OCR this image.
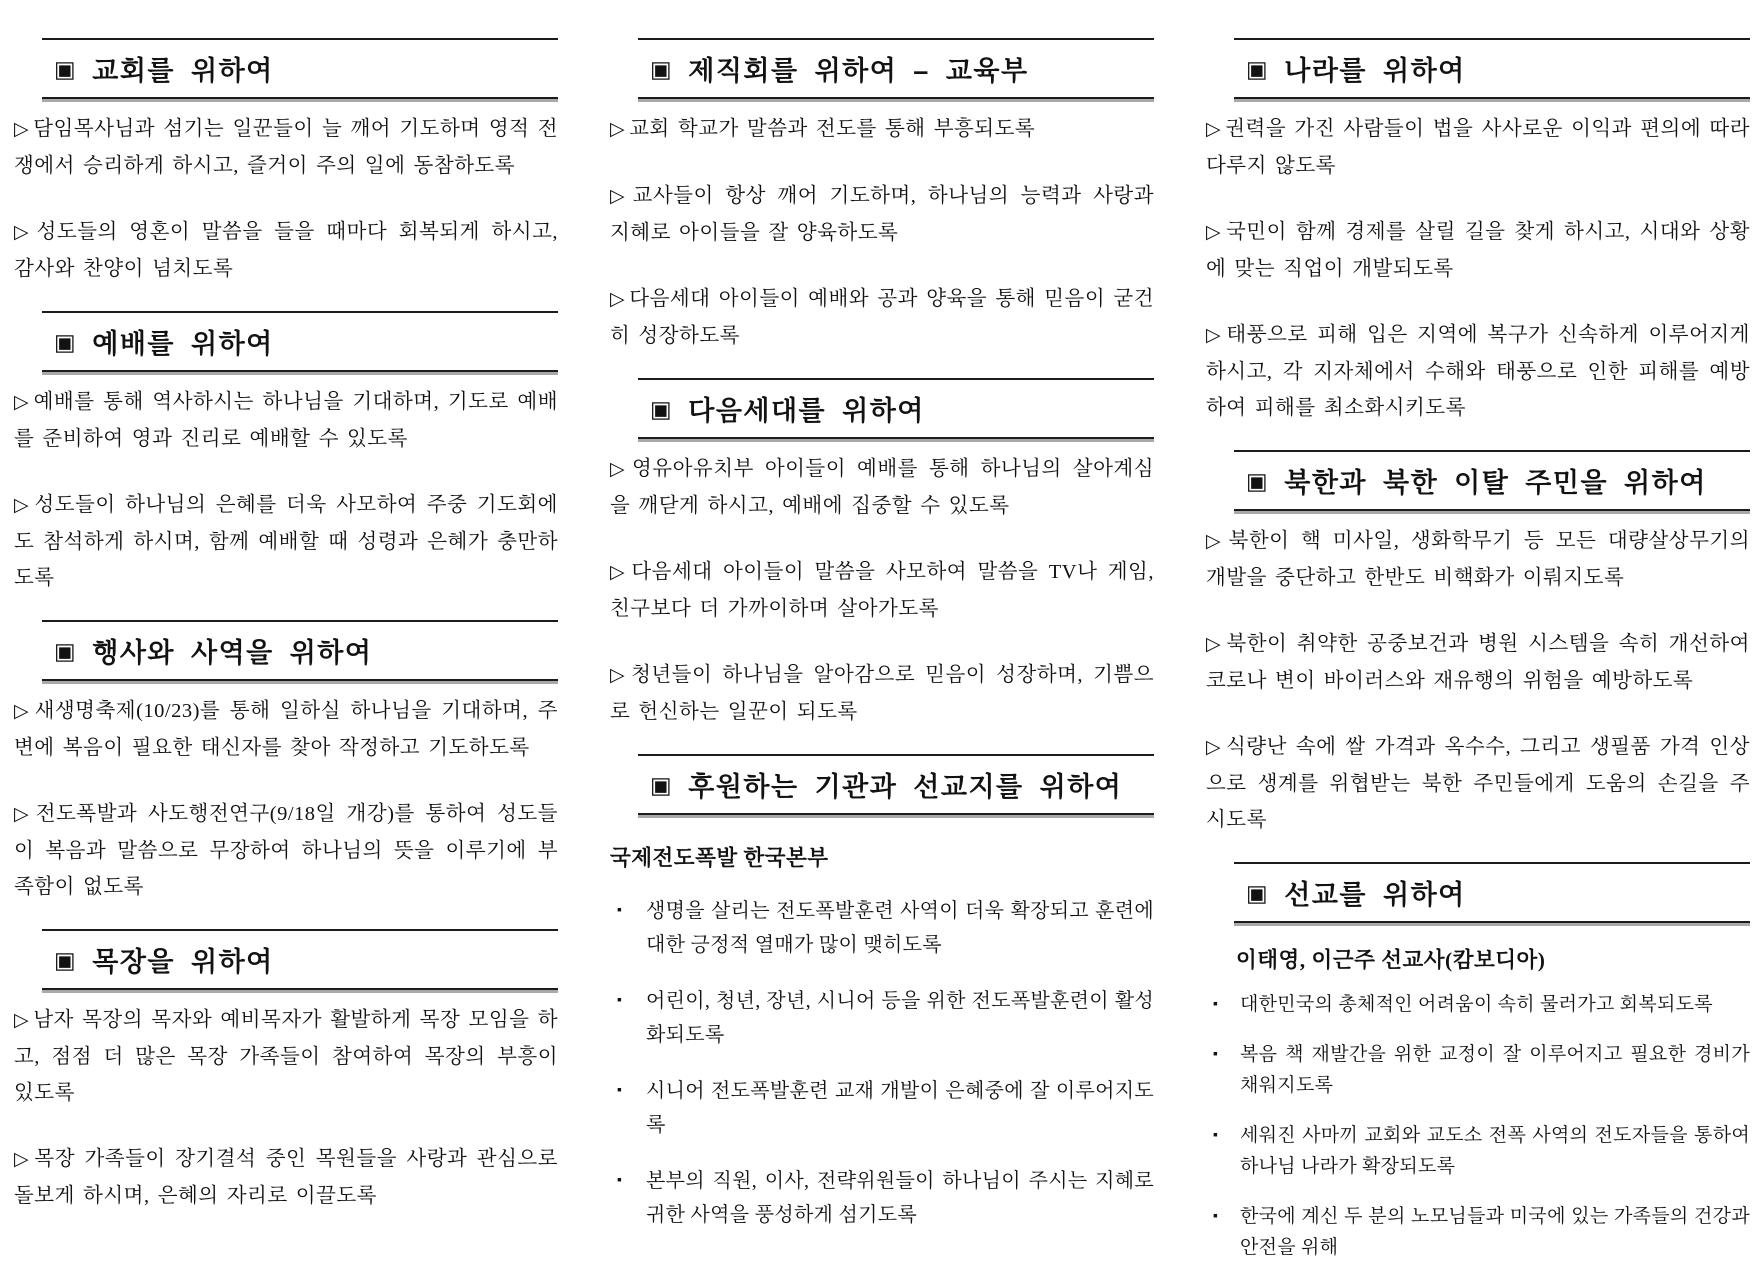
▣ 교회를 위하여

▷ 담임목사님과 섬기는 일꾼들이 늘 깨어 기도하며 영적 전쟁에서 승리하게 하시고, 즐거이 주의 일에 동참하도록

▷ 성도들의 영혼이 말씀을 들을 때마다 회복되게 하시고, 감사와 찬양이 넘치도록

▣ 예배를 위하여

▷ 예배를 통해 역사하시는 하나님을 기대하며, 기도로 예배를 준비하여 영과 진리로 예배할 수 있도록

▷ 성도들이 하나님의 은혜를 더욱 사모하여 주중 기도회에도 참석하게 하시며, 함께 예배할 때 성령과 은혜가 충만하도록

▣ 행사와 사역을 위하여

▷ 새생명축제(10/23)를 통해 일하실 하나님을 기대하며, 주변에 복음이 필요한 태신자를 찾아 작정하고 기도하도록

▷ 전도폭발과 사도행전연구(9/18일 개강)를 통하여 성도들이 복음과 말씀으로 무장하여 하나님의 뜻을 이루기에 부족함이 없도록

▣ 목장을 위하여

▷ 남자 목장의 목자와 예비목자가 활발하게 목장 모임을 하고, 점점 더 많은 목장 가족들이 참여하여 목장의 부흥이 있도록

▷ 목장 가족들이 장기결석 중인 목원들을 사랑과 관심으로 돌보게 하시며, 은혜의 자리로 이끌도록

▣ 제직회를 위하여 – 교육부

▷ 교회 학교가 말씀과 전도를 통해 부흥되도록

▷ 교사들이 항상 깨어 기도하며, 하나님의 능력과 사랑과 지혜로 아이들을 잘 양육하도록

▷ 다음세대 아이들이 예배와 공과 양육을 통해 믿음이 굳건히 성장하도록

▣ 다음세대를 위하여

▷ 영유아유치부 아이들이 예배를 통해 하나님의 살아계심을 깨닫게 하시고, 예배에 집중할 수 있도록

▷ 다음세대 아이들이 말씀을 사모하여 말씀을 TV나 게임, 친구보다 더 가까이하며 살아가도록

▷ 청년들이 하나님을 알아감으로 믿음이 성장하며, 기쁨으로 헌신하는 일꾼이 되도록

▣ 후원하는 기관과 선교지를 위하여
국제전도폭발 한국본부

▪ 생명을 살리는 전도폭발훈련 사역이 더욱 확장되고 훈련에 대한 긍정적 열매가 많이 맺히도록

▪ 어린이, 청년, 장년, 시니어 등을 위한 전도폭발훈련이 활성화되도록

▪ 시니어 전도폭발훈련 교재 개발이 은혜중에 잘 이루어지도록

▪ 본부의 직원, 이사, 전략위원들이 하나님이 주시는 지혜로 귀한 사역을 풍성하게 섬기도록

▣ 나라를 위하여

▷ 권력을 가진 사람들이 법을 사사로운 이익과 편의에 따라 다루지 않도록

▷ 국민이 함께 경제를 살릴 길을 찾게 하시고, 시대와 상황에 맞는 직업이 개발되도록

▷ 태풍으로 피해 입은 지역에 복구가 신속하게 이루어지게 하시고, 각 지자체에서 수해와 태풍으로 인한 피해를 예방하여 피해를 최소화시키도록

▣ 북한과 북한 이탈 주민을 위하여

▷ 북한이 핵 미사일, 생화학무기 등 모든 대량살상무기의 개발을 중단하고 한반도 비핵화가 이뤄지도록

▷ 북한이 취약한 공중보건과 병원 시스템을 속히 개선하여 코로나 변이 바이러스와 재유행의 위험을 예방하도록

▷ 식량난 속에 쌀 가격과 옥수수, 그리고 생필품 가격 인상으로 생계를 위협받는 북한 주민들에게 도움의 손길을 주시도록

▣ 선교를 위하여
이태영, 이근주 선교사(캄보디아)

▪ 대한민국의 총체적인 어려움이 속히 물러가고 회복되도록

▪ 복음 책 재발간을 위한 교정이 잘 이루어지고 필요한 경비가 채워지도록

▪ 세워진 사마끼 교회와 교도소 전폭 사역의 전도자들을 통하여 하나님 나라가 확장되도록

▪ 한국에 계신 두 분의 노모님들과 미국에 있는 가족들의 건강과 안전을 위해
